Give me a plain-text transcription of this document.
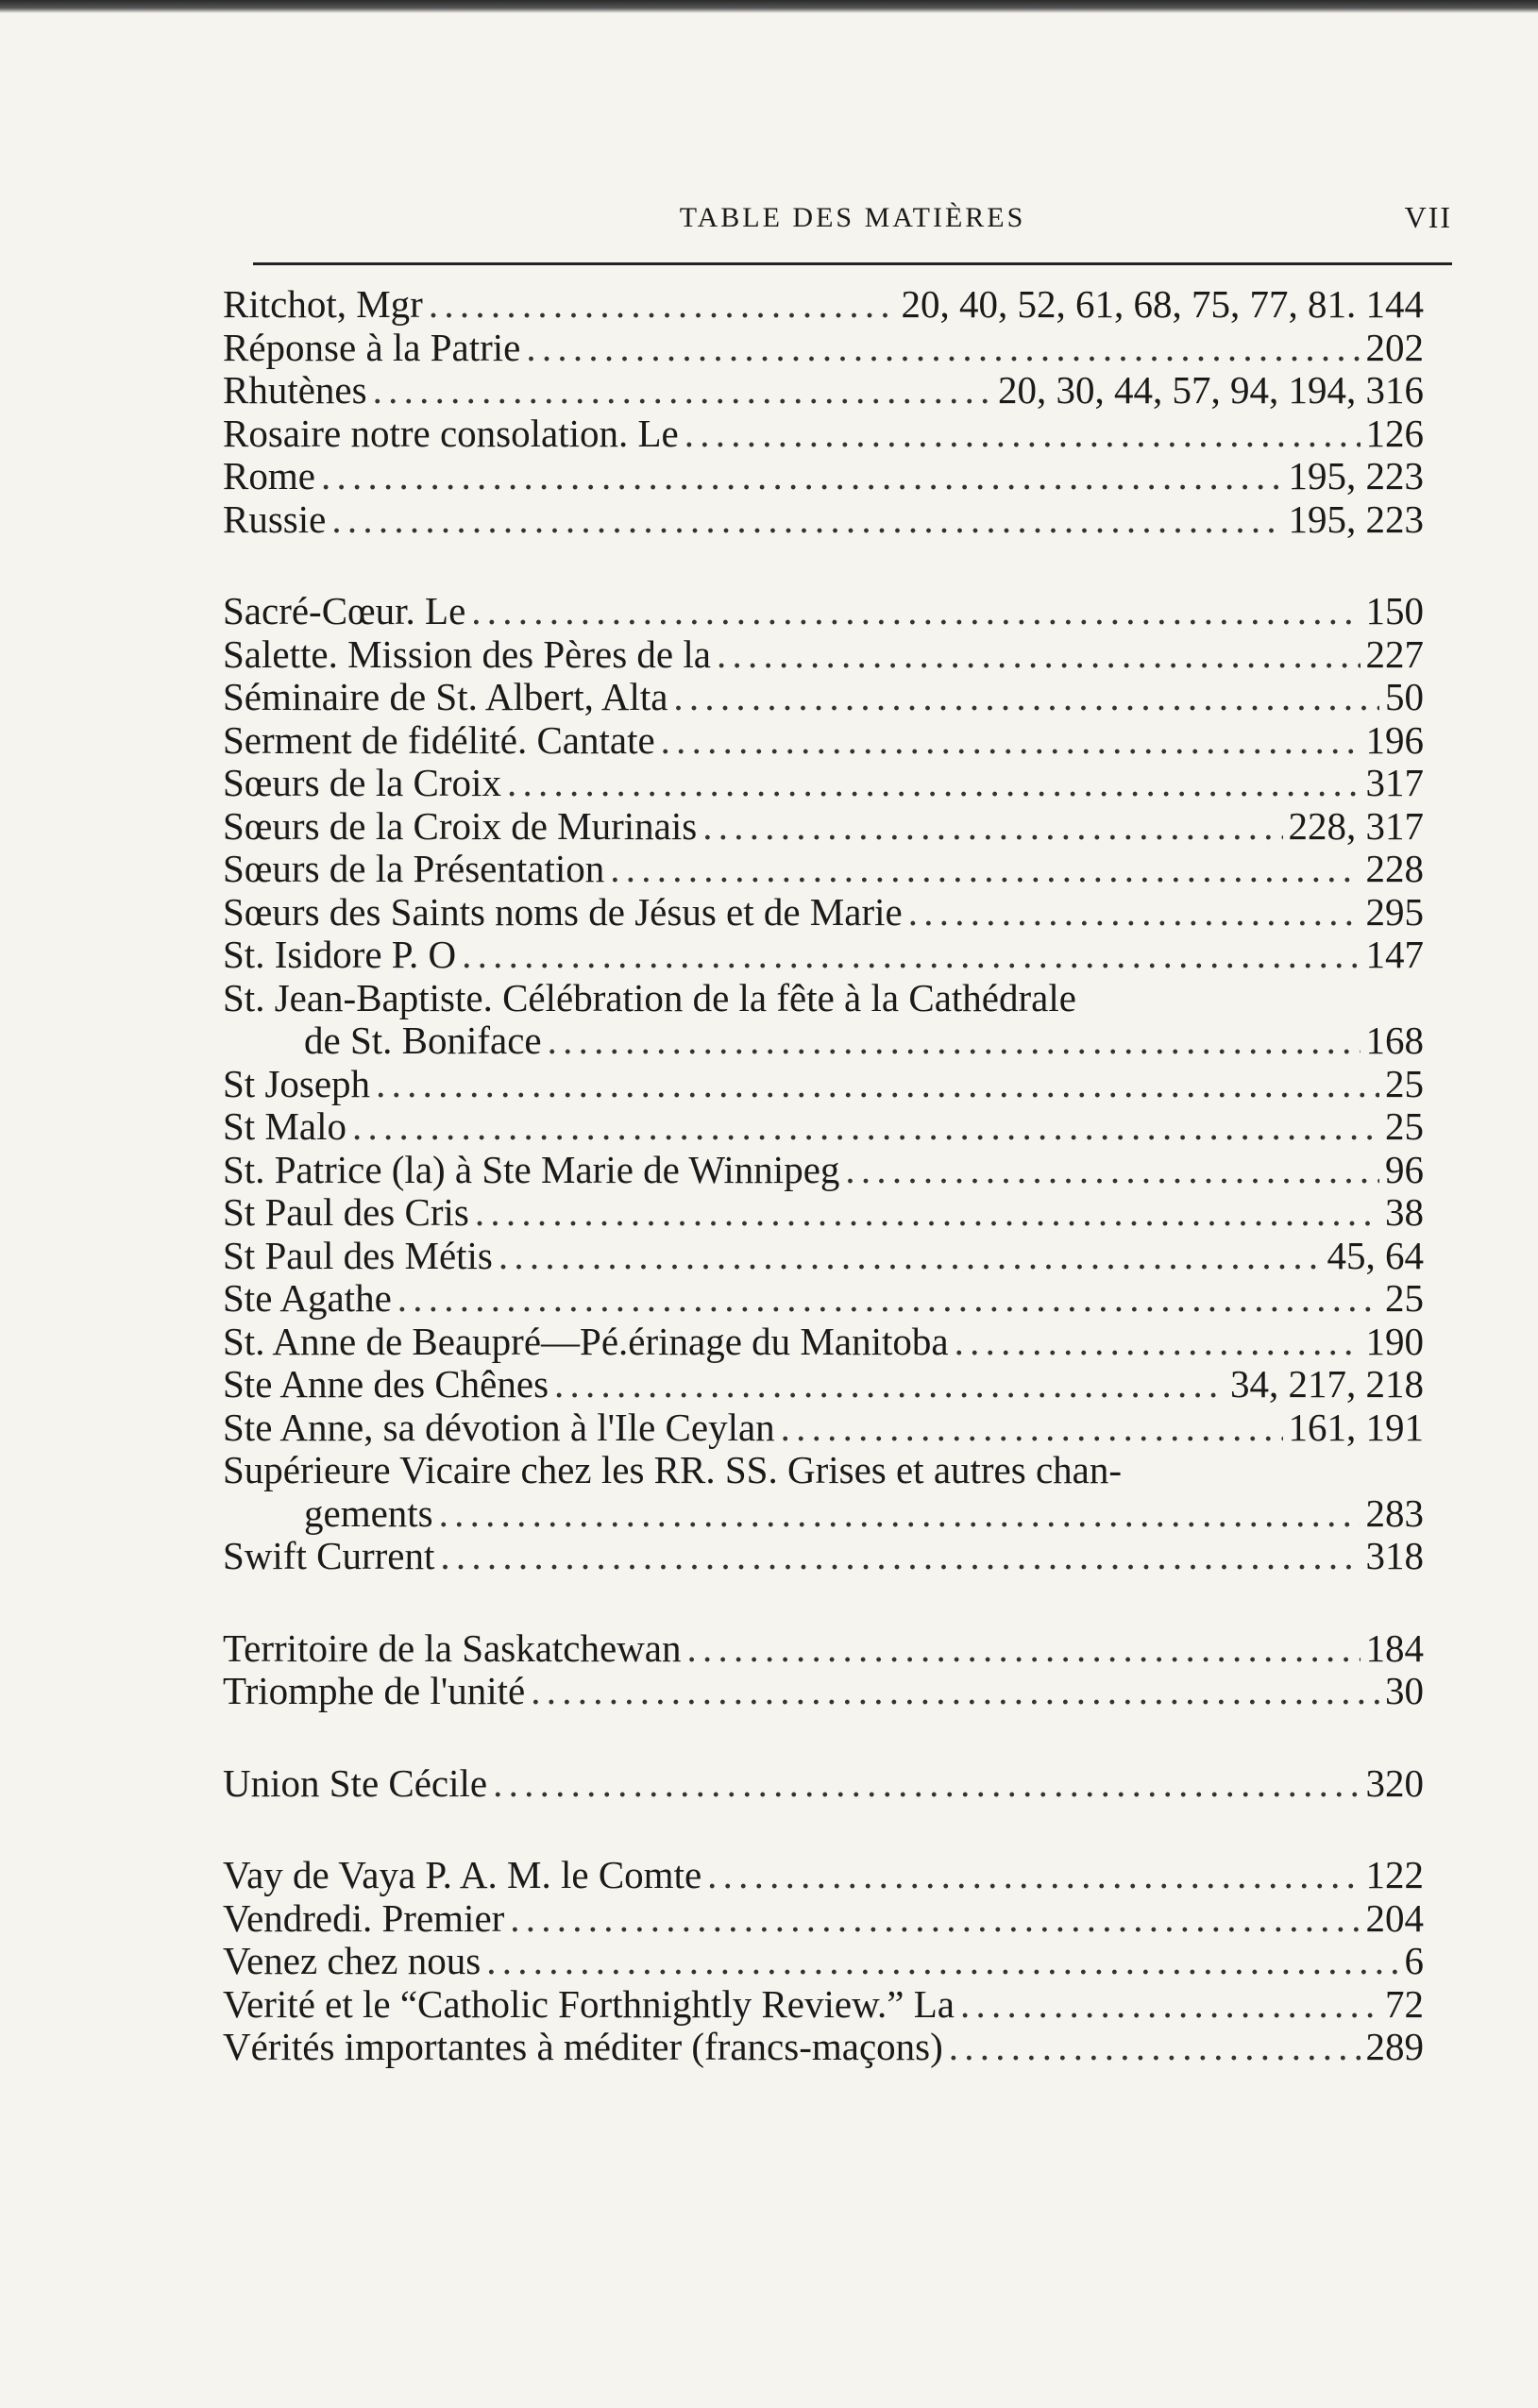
TABLE DES MATIÈRES	VII
Ritchot, Mgr . . .	20, 40, 52, 61, 68, 75, 77, 81. 144
Réponse à la Patrie . . .	202
Rhutènes . . .	20, 30, 44, 57, 94, 194, 316
Rosaire notre consolation. Le . . .	126
Rome . . .	195, 223
Russie . . .	195, 223
Sacré-Cœur. Le . . .	150
Salette. Mission des Pères de la . . .	227
Séminaire de St. Albert, Alta . . .	50
Serment de fidélité. Cantate . . .	196
Sœurs de la Croix . . .	317
Sœurs de la Croix de Murinais . . .	228, 317
Sœurs de la Présentation . . .	228
Sœurs des Saints noms de Jésus et de Marie . . .	295
St. Isidore P. O . . .	147
St. Jean-Baptiste. Célébration de la fête à la Cathédrale
de St. Boniface . . .	168
St Joseph . . .	25
St Malo . . .	25
St. Patrice (la) à Ste Marie de Winnipeg . . .	96
St Paul des Cris . . .	38
St Paul des Métis . . .	45, 64
Ste Agathe . . .	25
St. Anne de Beaupré—Pé.érinage du Manitoba . . .	190
Ste Anne des Chênes . . .	34, 217, 218
Ste Anne, sa dévotion à l'Ile Ceylan . . .	161, 191
Supérieure Vicaire chez les RR. SS. Grises et autres chan-
gements . . .	283
Swift Current . . .	318
Territoire de la Saskatchewan . . .	184
Triomphe de l'unité . . .	30
Union Ste Cécile . . .	320
Vay de Vaya P. A. M. le Comte . . .	122
Vendredi. Premier . . .	204
Venez chez nous . . .	6
Verité et le “Catholic Forthnightly Review.” La . . .	72
Vérités importantes à méditer (francs-maçons) . . .	289
